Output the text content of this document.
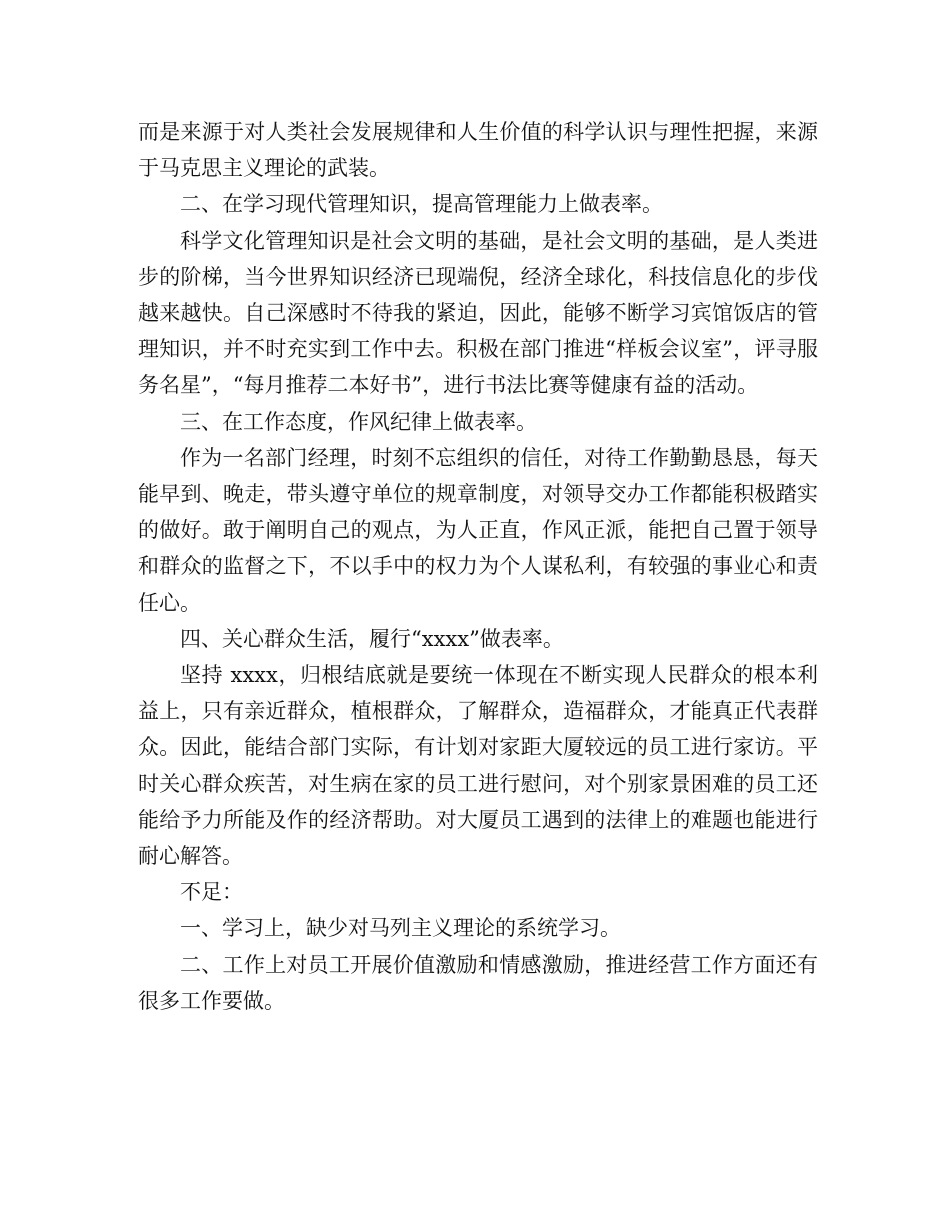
而是来源于对人类社会发展规律和人生价值的科学认识与理性把握，来源于马克思主义理论的武装。

二、在学习现代管理知识，提高管理能力上做表率。

科学文化管理知识是社会文明的基础，是社会文明的基础，是人类进步的阶梯，当今世界知识经济已现端倪，经济全球化，科技信息化的步伐越来越快。自己深感时不待我的紧迫，因此，能够不断学习宾馆饭店的管理知识，并不时充实到工作中去。积极在部门推进“样板会议室”，评寻服务名星”，“每月推荐二本好书”，进行书法比赛等健康有益的活动。

三、在工作态度，作风纪律上做表率。

作为一名部门经理，时刻不忘组织的信任，对待工作勤勤恳恳，每天能早到、晚走，带头遵守单位的规章制度，对领导交办工作都能积极踏实的做好。敢于阐明自己的观点，为人正直，作风正派，能把自己置于领导和群众的监督之下，不以手中的权力为个人谋私利，有较强的事业心和责任心。

四、关心群众生活，履行“xxxx”做表率。

坚持 xxxx，归根结底就是要统一体现在不断实现人民群众的根本利益上，只有亲近群众，植根群众，了解群众，造福群众，才能真正代表群众。因此，能结合部门实际，有计划对家距大厦较远的员工进行家访。平时关心群众疾苦，对生病在家的员工进行慰问，对个别家景困难的员工还能给予力所能及作的经济帮助。对大厦员工遇到的法律上的难题也能进行耐心解答。

不足：

一、学习上，缺少对马列主义理论的系统学习。

二、工作上对员工开展价值激励和情感激励，推进经营工作方面还有很多工作要做。
